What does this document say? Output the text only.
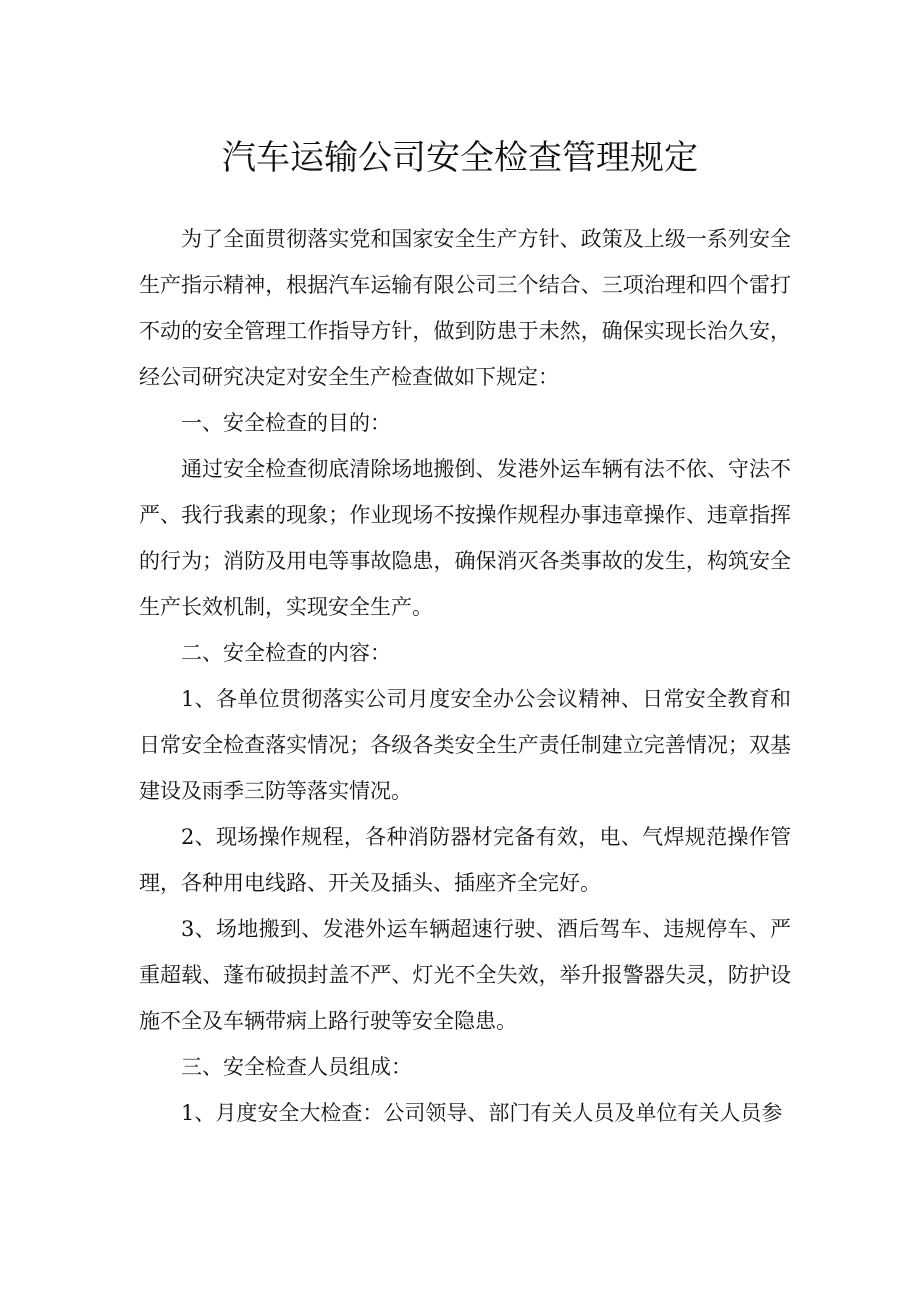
汽车运输公司安全检查管理规定

为了全面贯彻落实党和国家安全生产方针、政策及上级一系列安全生产指示精神，根据汽车运输有限公司三个结合、三项治理和四个雷打不动的安全管理工作指导方针，做到防患于未然，确保实现长治久安，经公司研究决定对安全生产检查做如下规定：

一、安全检查的目的：

通过安全检查彻底清除场地搬倒、发港外运车辆有法不依、守法不严、我行我素的现象；作业现场不按操作规程办事违章操作、违章指挥的行为；消防及用电等事故隐患，确保消灭各类事故的发生，构筑安全生产长效机制，实现安全生产。

二、安全检查的内容：

1、各单位贯彻落实公司月度安全办公会议精神、日常安全教育和日常安全检查落实情况；各级各类安全生产责任制建立完善情况；双基建设及雨季三防等落实情况。

2、现场操作规程，各种消防器材完备有效，电、气焊规范操作管理，各种用电线路、开关及插头、插座齐全完好。

3、场地搬到、发港外运车辆超速行驶、酒后驾车、违规停车、严重超载、蓬布破损封盖不严、灯光不全失效，举升报警器失灵，防护设施不全及车辆带病上路行驶等安全隐患。

三、安全检查人员组成：

1、月度安全大检查：公司领导、部门有关人员及单位有关人员参
